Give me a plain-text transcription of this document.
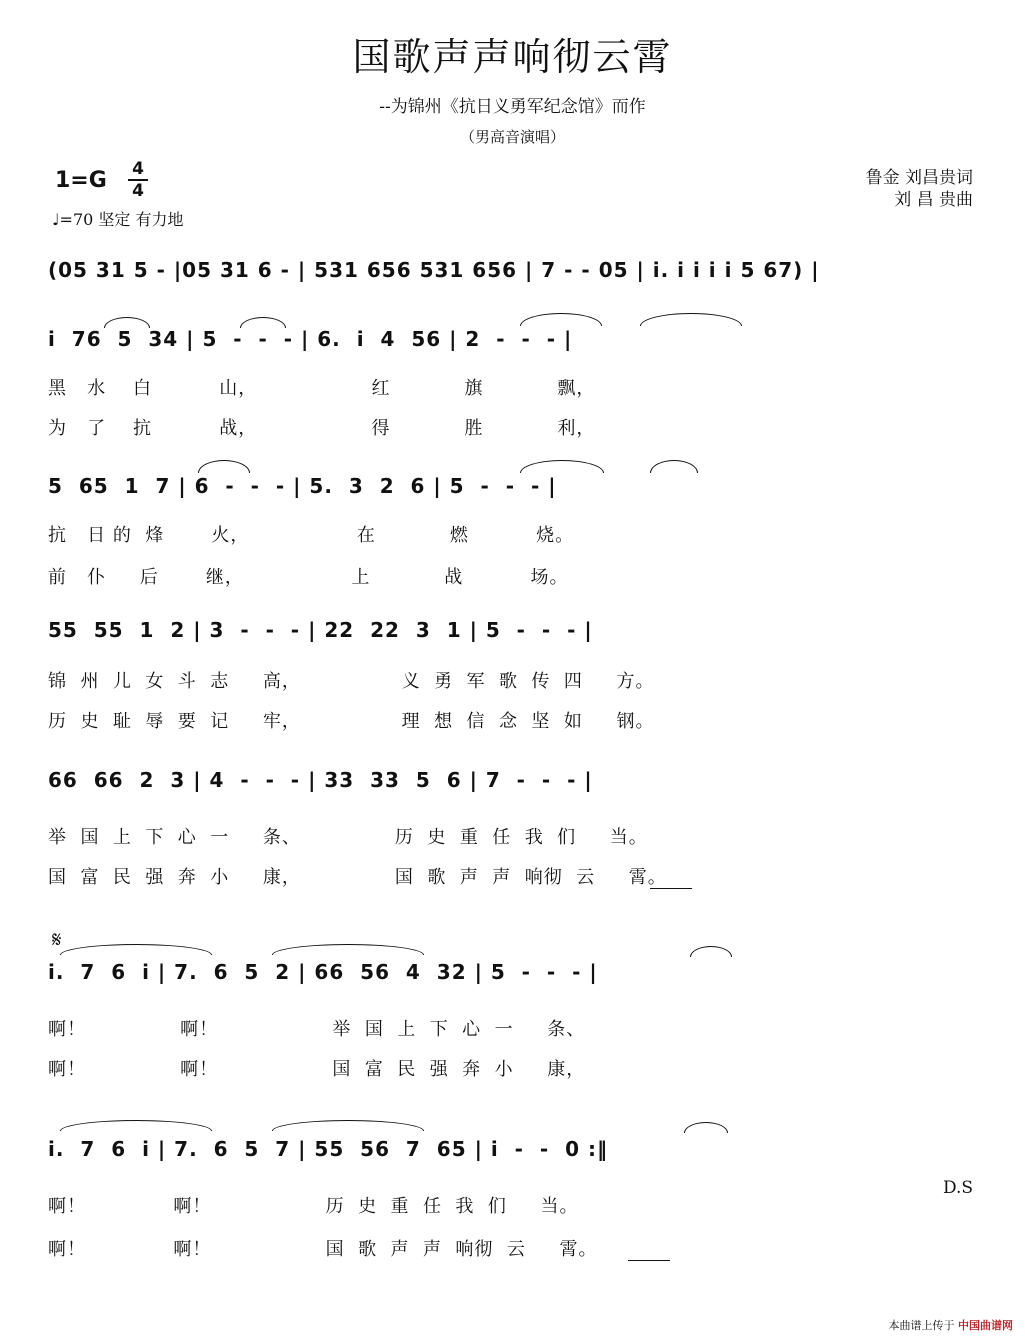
国歌声声响彻云霄
--为锦州《抗日义勇军纪念馆》而作
（男高音演唱）
1=G 4
4
♩=70 坚定 有力地
鲁金 刘昌贵词
刘 昌 贵曲
(05 31 5 - |05 31 6 - | 531 656 531 656 | 7 - - 05 | i. i i i i 5 67) |
i  76  5  34 | 5  -  -  - | 6.  i  4  56 | 2  -  -  - |
黑   水    白          山，                 红           旗           飘，
为   了    抗          战，                 得           胜           利，
5  65  1  7 | 6  -  -  - | 5.  3  2  6 | 5  -  -  - |
抗   日 的  烽       火，                在           燃          烧。
前   仆     后       继，                上           战          场。
55  55  1  2 | 3  -  -  - | 22  22  3  1 | 5  -  -  - |
锦  州  儿  女  斗  志     高，               义  勇  军  歌  传  四     方。
历  史  耻  辱  要  记     牢，               理  想  信  念  坚  如     钢。
66  66  2  3 | 4  -  -  - | 33  33  5  6 | 7  -  -  - |
举  国  上  下  心  一     条、              历  史  重  任  我  们     当。
国  富  民  强  奔  小     康，              国  歌  声  声  响彻  云     霄。
𝄋
i.  7  6  i | 7.  6  5  2 | 66  56  4  32 | 5  -  -  - |
啊！              啊！                 举  国  上  下  心  一     条、
啊！              啊！                 国  富  民  强  奔  小     康，
i.  7  6  i | 7.  6  5  7 | 55  56  7  65 | i  -  -  0 :‖
啊！             啊！                 历  史  重  任  我  们     当。
啊！             啊！                 国  歌  声  声  响彻  云     霄。
D.S
本曲谱上传于 中国曲谱网
